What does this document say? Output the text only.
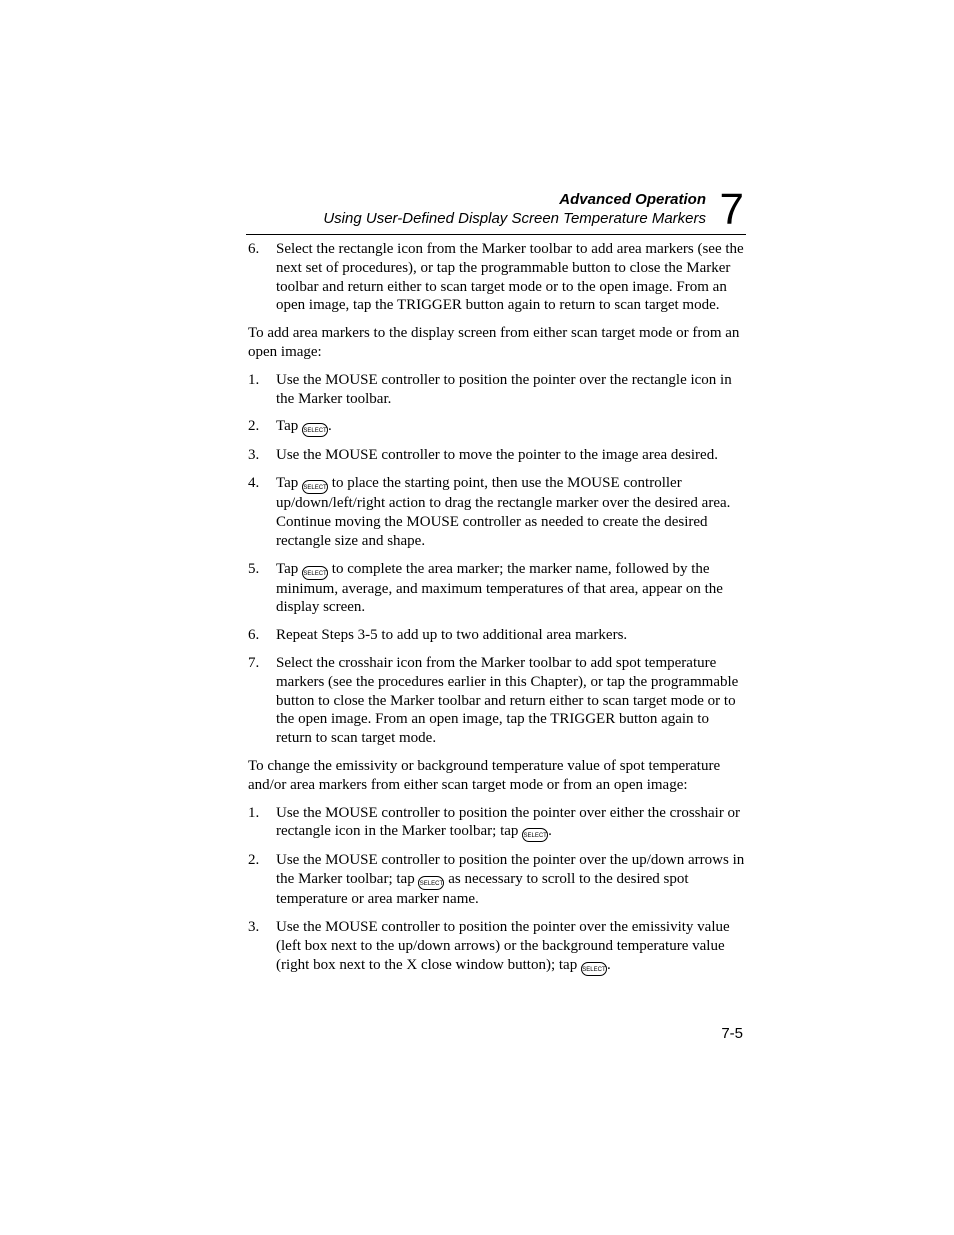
Advanced Operation
Using User-Defined Display Screen Temperature Markers 7
6. Select the rectangle icon from the Marker toolbar to add area markers (see the next set of procedures), or tap the programmable button to close the Marker toolbar and return either to scan target mode or to the open image. From an open image, tap the TRIGGER button again to return to scan target mode.
To add area markers to the display screen from either scan target mode or from an open image:
1. Use the MOUSE controller to position the pointer over the rectangle icon in the Marker toolbar.
2. Tap SELECT.
3. Use the MOUSE controller to move the pointer to the image area desired.
4. Tap SELECT to place the starting point, then use the MOUSE controller up/down/left/right action to drag the rectangle marker over the desired area. Continue moving the MOUSE controller as needed to create the desired rectangle size and shape.
5. Tap SELECT to complete the area marker; the marker name, followed by the minimum, average, and maximum temperatures of that area, appear on the display screen.
6. Repeat Steps 3-5 to add up to two additional area markers.
7. Select the crosshair icon from the Marker toolbar to add spot temperature markers (see the procedures earlier in this Chapter), or tap the programmable button to close the Marker toolbar and return either to scan target mode or to the open image. From an open image, tap the TRIGGER button again to return to scan target mode.
To change the emissivity or background temperature value of spot temperature and/or area markers from either scan target mode or from an open image:
1. Use the MOUSE controller to position the pointer over either the crosshair or rectangle icon in the Marker toolbar; tap SELECT.
2. Use the MOUSE controller to position the pointer over the up/down arrows in the Marker toolbar; tap SELECT as necessary to scroll to the desired spot temperature or area marker name.
3. Use the MOUSE controller to position the pointer over the emissivity value (left box next to the up/down arrows) or the background temperature value (right box next to the X close window button); tap SELECT.
7-5
